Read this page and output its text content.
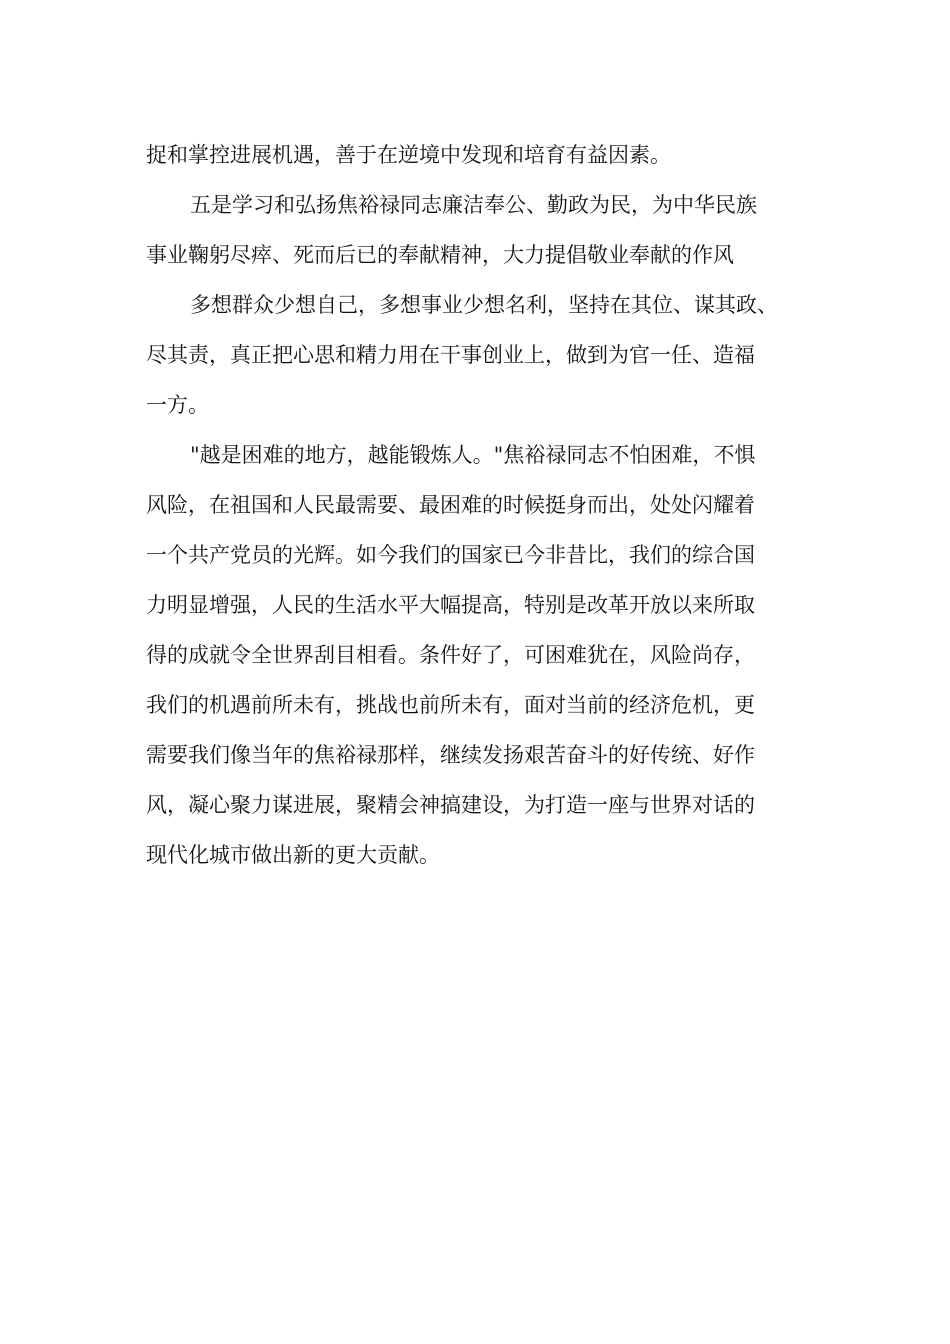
捉和掌控进展机遇，善于在逆境中发现和培育有益因素。
五是学习和弘扬焦裕禄同志廉洁奉公、勤政为民，为中华民族
事业鞠躬尽瘁、死而后已的奉献精神，大力提倡敬业奉献的作风
多想群众少想自己，多想事业少想名利，坚持在其位、谋其政、
尽其责，真正把心思和精力用在干事创业上，做到为官一任、造福
一方。
"越是困难的地方，越能锻炼人。"焦裕禄同志不怕困难，不惧
风险，在祖国和人民最需要、最困难的时候挺身而出，处处闪耀着
一个共产党员的光辉。如今我们的国家已今非昔比，我们的综合国
力明显增强，人民的生活水平大幅提高，特别是改革开放以来所取
得的成就令全世界刮目相看。条件好了，可困难犹在，风险尚存，
我们的机遇前所未有，挑战也前所未有，面对当前的经济危机，更
需要我们像当年的焦裕禄那样，继续发扬艰苦奋斗的好传统、好作
风，凝心聚力谋进展，聚精会神搞建设，为打造一座与世界对话的
现代化城市做出新的更大贡献。
